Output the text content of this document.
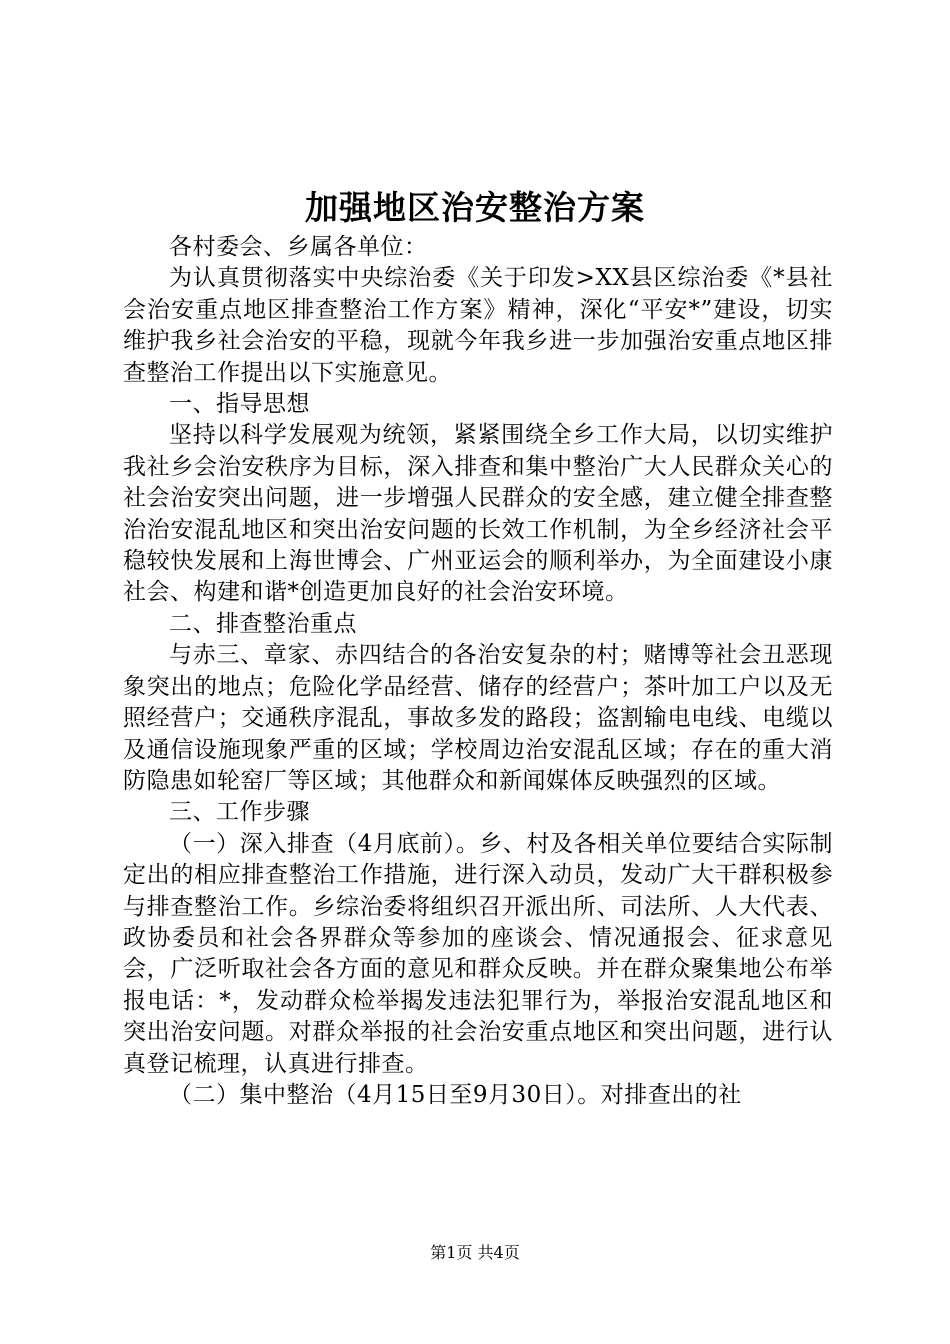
加强地区治安整治方案

各村委会、乡属各单位：

为认真贯彻落实中央综治委《关于印发>XX县区综治委《*县社会治安重点地区排查整治工作方案》精神，深化“平安*”建设，切实维护我乡社会治安的平稳，现就今年我乡进一步加强治安重点地区排查整治工作提出以下实施意见。

一、指导思想

坚持以科学发展观为统领，紧紧围绕全乡工作大局，以切实维护我社乡会治安秩序为目标，深入排查和集中整治广大人民群众关心的社会治安突出问题，进一步增强人民群众的安全感，建立健全排查整治治安混乱地区和突出治安问题的长效工作机制，为全乡经济社会平稳较快发展和上海世博会、广州亚运会的顺利举办，为全面建设小康社会、构建和谐*创造更加良好的社会治安环境。

二、排查整治重点

与赤三、章家、赤四结合的各治安复杂的村；赌博等社会丑恶现象突出的地点；危险化学品经营、储存的经营户；茶叶加工户以及无照经营户；交通秩序混乱，事故多发的路段；盗割输电电线、电缆以及通信设施现象严重的区域；学校周边治安混乱区域；存在的重大消防隐患如轮窑厂等区域；其他群众和新闻媒体反映强烈的区域。

三、工作步骤

（一）深入排查（4月底前）。乡、村及各相关单位要结合实际制定出的相应排查整治工作措施，进行深入动员，发动广大干群积极参与排查整治工作。乡综治委将组织召开派出所、司法所、人大代表、政协委员和社会各界群众等参加的座谈会、情况通报会、征求意见会，广泛听取社会各方面的意见和群众反映。并在群众聚集地公布举报电话：*，发动群众检举揭发违法犯罪行为，举报治安混乱地区和突出治安问题。对群众举报的社会治安重点地区和突出问题，进行认真登记梳理，认真进行排查。

（二）集中整治（4月15日至9月30日）。对排查出的社

第1页 共4页
